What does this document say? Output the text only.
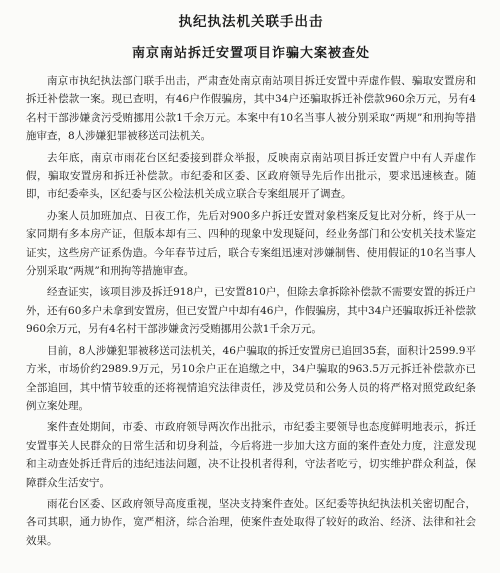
执纪执法机关联手出击
南京南站拆迁安置项目诈骗大案被查处

南京市执纪执法部门联手出击，严肃查处南京南站项目拆迁安置中弄虚作假、骗取安置房和拆迁补偿款一案。现已查明，有46户作假骗房，其中34户还骗取拆迁补偿款960余万元，另有4名村干部涉嫌贪污受贿挪用公款1千余万元。本案中有10名当事人被分别采取“两规”和刑拘等措施审查，8人涉嫌犯罪被移送司法机关。

去年底，南京市雨花台区纪委接到群众举报，反映南京南站项目拆迁安置户中有人弄虚作假，骗取安置房和拆迁补偿款。市纪委和区委、区政府领导先后作出批示，要求迅速核查。随即，市纪委牵头，区纪委与区公检法机关成立联合专案组展开了调查。

办案人员加班加点、日夜工作，先后对900多户拆迁安置对象档案反复比对分析，终于从一家同期有多本房产证，但版本却有三、四种的现象中发现疑问，经业务部门和公安机关技术鉴定证实，这些房产证系伪造。今年春节过后，联合专案组迅速对涉嫌制售、使用假证的10名当事人分别采取“两规”和刑拘等措施审查。

经查证实，该项目涉及拆迁918户，已安置810户，但除去拿拆除补偿款不需要安置的拆迁户外，还有60多户未拿到安置房，但已安置户中却有46户，作假骗房，其中34户还骗取拆迁补偿款960余万元，另有4名村干部涉嫌贪污受贿挪用公款1千余万元。

目前，8人涉嫌犯罪被移送司法机关，46户骗取的拆迁安置房已追回35套，面积计2599.9平方米，市场价约2989.9万元，另10余户正在追缴之中，34户骗取的963.5万元拆迁补偿款亦已全部追回，其中情节较重的还将视情追究法律责任，涉及党员和公务人员的将严格对照党政纪条例立案处理。

案件查处期间，市委、市政府领导两次作出批示，市纪委主要领导也态度鲜明地表示，拆迁安置事关人民群众的日常生活和切身利益，今后将进一步加大这方面的案件查处力度，注意发现和主动查处拆迁背后的违纪违法问题，决不让投机者得利，守法者吃亏，切实维护群众利益，保障群众生活安宁。

雨花台区委、区政府领导高度重视，坚决支持案件查处。区纪委等执纪执法机关密切配合，各司其职，通力协作，宽严相济，综合治理，使案件查处取得了较好的政治、经济、法律和社会效果。
